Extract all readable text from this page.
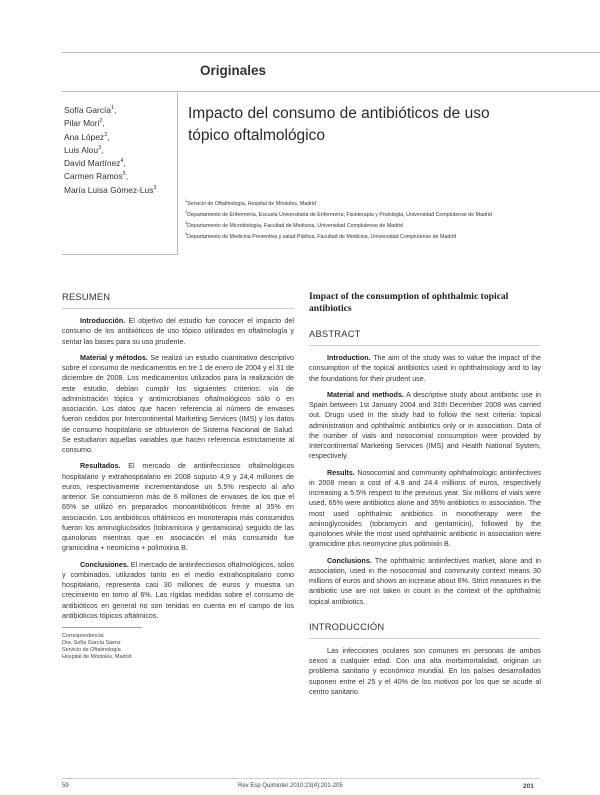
Originales
Sofía García$^1$,
Pilar Mori$^2$,
Ana López$^3$,
Luis Alou$^3$,
David Martínez$^4$,
Carmen Ramos$^5$,
María Luisa Gómez-Lus$^3$
Impacto del consumo de antibióticos de uso tópico oftalmológico
$^1$Servicio de Oftalmología, Hospital de Móstoles, Madrid
$^2$Departamento de Enfermería, Escuela Universitaria de Enfermería, Fisioterapia y Podología, Universidad Complutense de Madrid
$^3$Departamento de Microbiología, Facultad de Medicina, Universidad Complutense de Madrid
$^4$Departamento de Medicina Preventiva y salud Pública, Facultad de Medicina, Universidad Complutense de Madrid
RESUMEN

Introducción. El objetivo del estudio fue conocer el impacto del consumo de los antibióticos de uso tópico utilizados en oftalmología y sentar las bases para su uso prudente.

Material y métodos. Se realizó un estudio cuantitativo descriptivo sobre el consumo de medicamentos en tre 1 de enero de 2004 y el 31 de diciembre de 2008. Los medicamentos utilizados para la realización de este estudio, debían cumplir los siguientes criterios: vía de administración tópica y antimicrobianos oftalmológicos sólo o en asociación. Los datos que hacen referencia al número de envases fueron cedidos por Intercontinental Marketing Services (IMS) y los datos de consumo hospitalario se obtuvieron de Sistema Nacional de Salud. Se estudiaron aquellas variables que hacen referencia estrictamente al consumo.

Resultados. El mercado de antiinfecciosos oftalmológicos hospitalario y extrahospitalario en 2008 supuso 4,9 y 24,4 millones de euros, respectivamente incrementándose un 5,5% respecto al año anterior. Se consumieron más de 6 millones de envases de los que el 65% se utilizó en preparados monoantibióticos frente al 35% en asociación. Los antibióticos oftálmicos en monoterapia más consumidos fueron los aminoglucósidos (tobramicina y gentamicina) seguido de las quinolonas mientras que en asociación el más consumido fue gramicidina + neomicina + polimixina B.

Conclusiones. El mercado de antiinfecciosos oftalmológicos, solos y combinados, utilizados tanto en el medio extrahospitalario como hospitalario, representa casi 30 millones de euros y muestra un crecimiento en torno al 6%. Las rígidas medidas sobre el consumo de antibióticos en general no son tenidas en cuenta en el campo de los antibióticos tópicos oftálmicos.

Correspondencia:
Dra. Sofía García Sáenz
Servicio de Oftalmología
Hospital de Móstoles, Madrid
Impact of the consumption of ophthalmic topical antibiotics
ABSTRACT

Introduction. The aim of the study was to value the impact of the consumption of the topical antibiotics used in ophthalmology and to lay the foundations for their prudent use.

Material and methods. A descriptive study about antibiotic use in Spain between 1st January 2004 and 31th December 2008 was carried out. Drugs used in the study had to follow the next criteria: topical administration and ophthalmic antibiotics only or in association. Data of the number of vials and nosocomial consumption were provided by Intercontinental Marketing Services (IMS) and Health National System, respectively.

Results. Nosocomial and community ophthalmologic antiinfectives in 2008 mean a cost of 4.9 and 24.4 millions of euros, respectively increasing a 5.5% respect to the previous year. Six millions of vials were used, 65% were antibiotics alone and 35% antibiotics in association. The most used ophthalmic antibiotics in monotherapy were the aminoglycosides (tobramycin and gentamicin), followed by the quinolones while the most used ophthalmic antibiotic in association were gramicidine plus neomycine plus polimixin B.

Conclusions. The ophthalmic antiinfectives market, alone and in association, used in the nosocomial and community context means 30 millions of euros and shows an increase about 6%. Strict measures in the antibiotic use are not taken in count in the context of the ophthalmic topical antibiotics.

INTRODUCCIÓN

Las infecciones oculares son comunes en personas de ambos sexos a cualquier edad. Con una alta morbimortalidad, originan un problema sanitario y económico mundial. En los países desarrollados suponen entre el 25 y el 40% de los motivos por los que se acude al centro sanitario.

59	Rev Esp Quimioter 2010;23(4):201-205	201
